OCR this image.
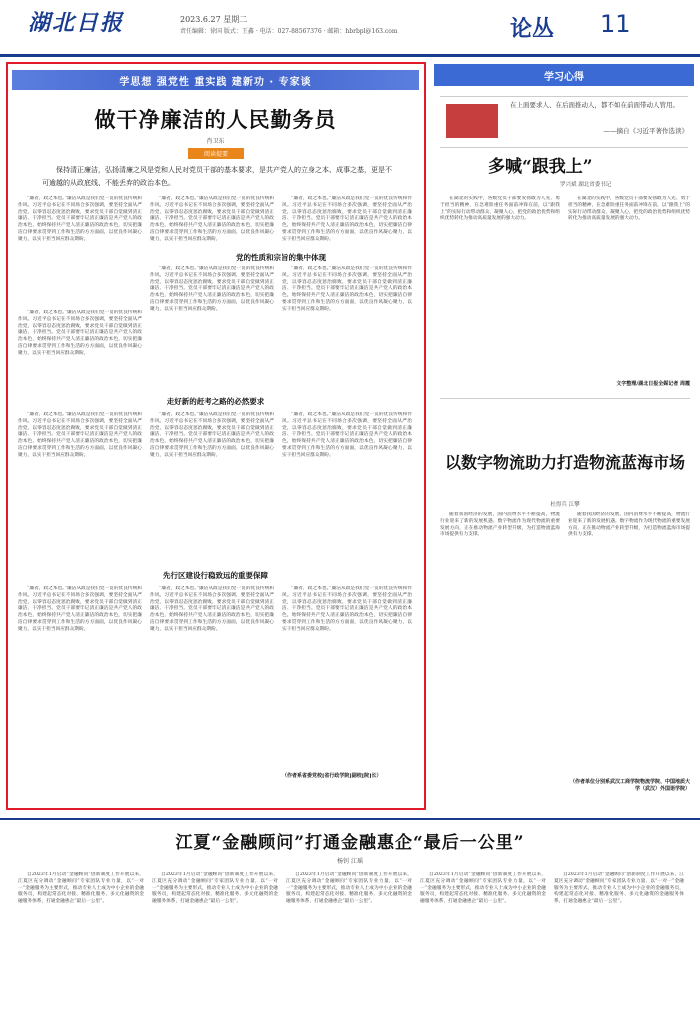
湖北日报	2023.6.27 星期二
责任编辑：徐国 版式：王鑫 · 电话：027-88567376 · 邮箱：hbrbpl@163.com	论丛 11
学思想 强党性 重实践 建新功 · 专家谈
做干净廉洁的人民勤务员
肖卫东
阅读提要
保持清正廉洁，弘扬清廉之风是党和人民对党员干部的基本要求，是共产党人的立身之本、成事之基，更是不可逾越的从政底线、不能丢弃的政治本色。
“廉者，政之本也。”廉洁从政是我们党一贯的优良传统和作风。习近平总书记在不同场合多次强调，要坚持全面从严治党，以零容忍态度惩治腐败，要求党员干部自觉做到清正廉洁、干净担当。党员干部要牢记清正廉洁是共产党人的政治本色，始终保持共产党人清正廉洁的政治本色，切实把廉洁自律要求贯穿到工作和生活的方方面面，以优良作风凝心聚力，以实干担当回应群众期盼。
“廉者，政之本也。”廉洁从政是我们党一贯的优良传统和作风。习近平总书记在不同场合多次强调，要坚持全面从严治党，以零容忍态度惩治腐败，要求党员干部自觉做到清正廉洁、干净担当。党员干部要牢记清正廉洁是共产党人的政治本色，始终保持共产党人清正廉洁的政治本色，切实把廉洁自律要求贯穿到工作和生活的方方面面，以优良作风凝心聚力，以实干担当回应群众期盼。
“廉者，政之本也。”廉洁从政是我们党一贯的优良传统和作风。习近平总书记在不同场合多次强调，要坚持全面从严治党，以零容忍态度惩治腐败，要求党员干部自觉做到清正廉洁、干净担当。党员干部要牢记清正廉洁是共产党人的政治本色，始终保持共产党人清正廉洁的政治本色，切实把廉洁自律要求贯穿到工作和生活的方方面面，以优良作风凝心聚力，以实干担当回应群众期盼。
党的性质和宗旨的集中体现
“廉者，政之本也。”廉洁从政是我们党一贯的优良传统和作风。习近平总书记在不同场合多次强调，要坚持全面从严治党，以零容忍态度惩治腐败，要求党员干部自觉做到清正廉洁、干净担当。党员干部要牢记清正廉洁是共产党人的政治本色，始终保持共产党人清正廉洁的政治本色，切实把廉洁自律要求贯穿到工作和生活的方方面面，以优良作风凝心聚力，以实干担当回应群众期盼。
“廉者，政之本也。”廉洁从政是我们党一贯的优良传统和作风。习近平总书记在不同场合多次强调，要坚持全面从严治党，以零容忍态度惩治腐败，要求党员干部自觉做到清正廉洁、干净担当。党员干部要牢记清正廉洁是共产党人的政治本色，始终保持共产党人清正廉洁的政治本色，切实把廉洁自律要求贯穿到工作和生活的方方面面，以优良作风凝心聚力，以实干担当回应群众期盼。
“廉者，政之本也。”廉洁从政是我们党一贯的优良传统和作风。习近平总书记在不同场合多次强调，要坚持全面从严治党，以零容忍态度惩治腐败，要求党员干部自觉做到清正廉洁、干净担当。党员干部要牢记清正廉洁是共产党人的政治本色，始终保持共产党人清正廉洁的政治本色，切实把廉洁自律要求贯穿到工作和生活的方方面面，以优良作风凝心聚力，以实干担当回应群众期盼。
走好新的赶考之路的必然要求
“廉者，政之本也。”廉洁从政是我们党一贯的优良传统和作风。习近平总书记在不同场合多次强调，要坚持全面从严治党，以零容忍态度惩治腐败，要求党员干部自觉做到清正廉洁、干净担当。党员干部要牢记清正廉洁是共产党人的政治本色，始终保持共产党人清正廉洁的政治本色，切实把廉洁自律要求贯穿到工作和生活的方方面面，以优良作风凝心聚力，以实干担当回应群众期盼。
“廉者，政之本也。”廉洁从政是我们党一贯的优良传统和作风。习近平总书记在不同场合多次强调，要坚持全面从严治党，以零容忍态度惩治腐败，要求党员干部自觉做到清正廉洁、干净担当。党员干部要牢记清正廉洁是共产党人的政治本色，始终保持共产党人清正廉洁的政治本色，切实把廉洁自律要求贯穿到工作和生活的方方面面，以优良作风凝心聚力，以实干担当回应群众期盼。
“廉者，政之本也。”廉洁从政是我们党一贯的优良传统和作风。习近平总书记在不同场合多次强调，要坚持全面从严治党，以零容忍态度惩治腐败，要求党员干部自觉做到清正廉洁、干净担当。党员干部要牢记清正廉洁是共产党人的政治本色，始终保持共产党人清正廉洁的政治本色，切实把廉洁自律要求贯穿到工作和生活的方方面面，以优良作风凝心聚力，以实干担当回应群众期盼。
先行区建设行稳致远的重要保障
“廉者，政之本也。”廉洁从政是我们党一贯的优良传统和作风。习近平总书记在不同场合多次强调，要坚持全面从严治党，以零容忍态度惩治腐败，要求党员干部自觉做到清正廉洁、干净担当。党员干部要牢记清正廉洁是共产党人的政治本色，始终保持共产党人清正廉洁的政治本色，切实把廉洁自律要求贯穿到工作和生活的方方面面，以优良作风凝心聚力，以实干担当回应群众期盼。
“廉者，政之本也。”廉洁从政是我们党一贯的优良传统和作风。习近平总书记在不同场合多次强调，要坚持全面从严治党，以零容忍态度惩治腐败，要求党员干部自觉做到清正廉洁、干净担当。党员干部要牢记清正廉洁是共产党人的政治本色，始终保持共产党人清正廉洁的政治本色，切实把廉洁自律要求贯穿到工作和生活的方方面面，以优良作风凝心聚力，以实干担当回应群众期盼。
“廉者，政之本也。”廉洁从政是我们党一贯的优良传统和作风。习近平总书记在不同场合多次强调，要坚持全面从严治党，以零容忍态度惩治腐败，要求党员干部自觉做到清正廉洁、干净担当。党员干部要牢记清正廉洁是共产党人的政治本色，始终保持共产党人清正廉洁的政治本色，切实把廉洁自律要求贯穿到工作和生活的方方面面，以优良作风凝心聚力，以实干担当回应群众期盼。
（作者系省委党校[省行政学院]副校[院]长）
学习心得
在上面要求人、在后面推动人，都不如在前面带动人管用。
——摘自《习近平著作选读》
多喊“跟我上”
罗兴斌 湖北省委书记
在湖北的实践中，各级党员干部要发扬敢为人先、勇于担当的精神，在急难险重任务面前冲锋在前，以“跟我上”的实际行动带动群众、凝聚人心，把党的政治优势和组织优势转化为推动高质量发展的强大动力。
在湖北的实践中，各级党员干部要发扬敢为人先、勇于担当的精神，在急难险重任务面前冲锋在前，以“跟我上”的实际行动带动群众、凝聚人心，把党的政治优势和组织优势转化为推动高质量发展的强大动力。
文字整理/湖北日报全媒记者 周霞
以数字物流助力打造物流蓝海市场
杜得兵 江攀
随着我国经济的发展，国内消费水平不断提高，物流行业迎来了新的发展机遇。数字物流作为现代物流的重要发展方向，正在推动物流产业转型升级，为打造物流蓝海市场提供有力支撑。
随着我国经济的发展，国内消费水平不断提高，物流行业迎来了新的发展机遇。数字物流作为现代物流的重要发展方向，正在推动物流产业转型升级，为打造物流蓝海市场提供有力支撑。
（作者单位分别系武汉工商学院物流学院、中国地质大学（武汉）外国语学院）
江夏“金融顾问”打通金融惠企“最后一公里”
杨钊 江瑶
自2023年1月启动“金融顾问”创新制度工作开展以来，江夏区充分调动“金融顾问”专家团队专业力量，以“一对一”金融服务为主要形式，推动专业人士成为中小企业的金融服务员，构建起常态化对接、精准化服务、多元化融资的金融服务体系，打通金融惠企“最后一公里”。
自2023年1月启动“金融顾问”创新制度工作开展以来，江夏区充分调动“金融顾问”专家团队专业力量，以“一对一”金融服务为主要形式，推动专业人士成为中小企业的金融服务员，构建起常态化对接、精准化服务、多元化融资的金融服务体系，打通金融惠企“最后一公里”。
自2023年1月启动“金融顾问”创新制度工作开展以来，江夏区充分调动“金融顾问”专家团队专业力量，以“一对一”金融服务为主要形式，推动专业人士成为中小企业的金融服务员，构建起常态化对接、精准化服务、多元化融资的金融服务体系，打通金融惠企“最后一公里”。
自2023年1月启动“金融顾问”创新制度工作开展以来，江夏区充分调动“金融顾问”专家团队专业力量，以“一对一”金融服务为主要形式，推动专业人士成为中小企业的金融服务员，构建起常态化对接、精准化服务、多元化融资的金融服务体系，打通金融惠企“最后一公里”。
自2023年1月启动“金融顾问”创新制度工作开展以来，江夏区充分调动“金融顾问”专家团队专业力量，以“一对一”金融服务为主要形式，推动专业人士成为中小企业的金融服务员，构建起常态化对接、精准化服务、多元化融资的金融服务体系，打通金融惠企“最后一公里”。
